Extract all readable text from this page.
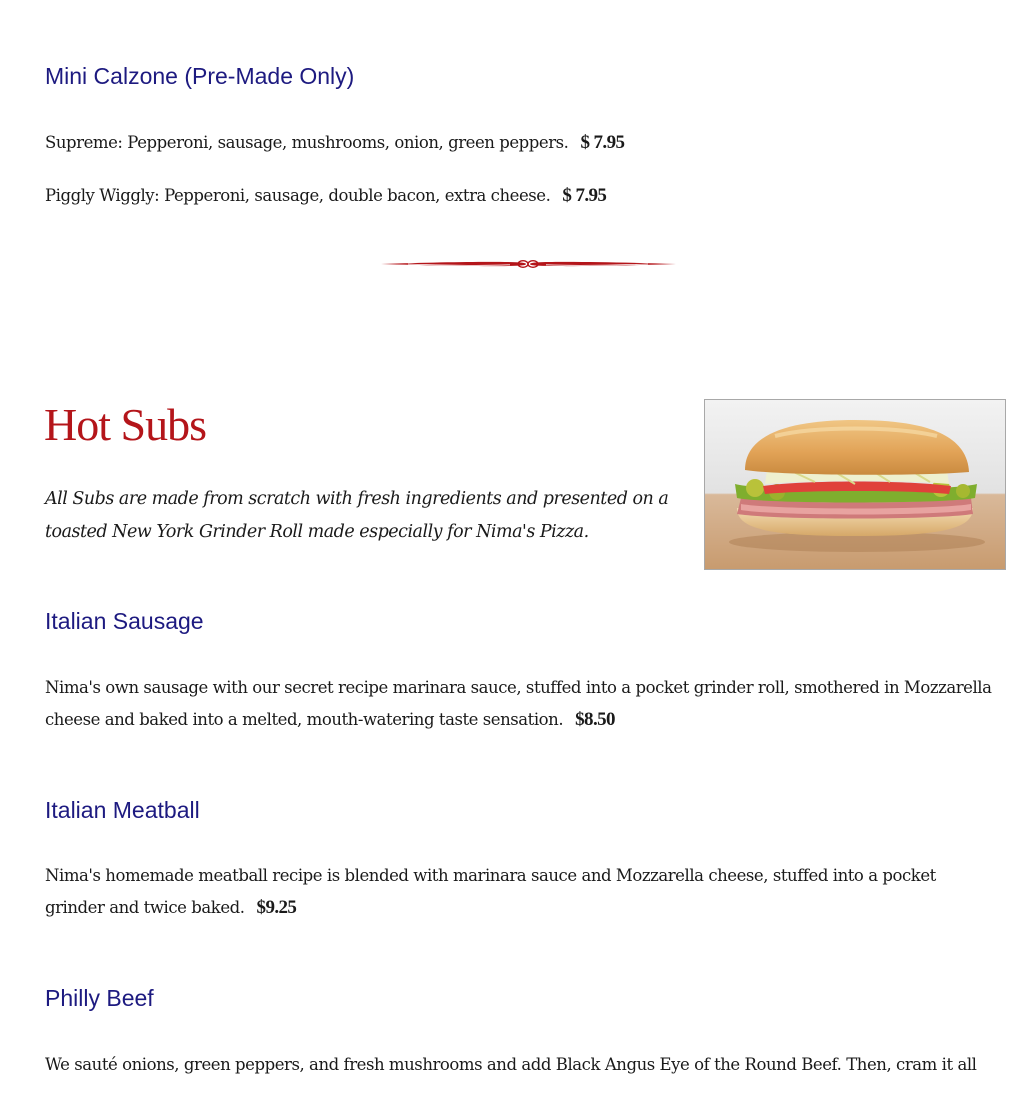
Mini Calzone (Pre-Made Only)

Supreme: Pepperoni, sausage, mushrooms, onion, green peppers. $ 7.95

Piggly Wiggly: Pepperoni, sausage, double bacon, extra cheese. $ 7.95

Hot Subs

All Subs are made from scratch with fresh ingredients and presented on a toasted New York Grinder Roll made especially for Nima's Pizza.

Italian Sausage

Nima's own sausage with our secret recipe marinara sauce, stuffed into a pocket grinder roll, smothered in Mozzarella cheese and baked into a melted, mouth-watering taste sensation. $8.50

Italian Meatball

Nima's homemade meatball recipe is blended with marinara sauce and Mozzarella cheese, stuffed into a pocket grinder and twice baked. $9.25

Philly Beef

We sauté onions, green peppers, and fresh mushrooms and add Black Angus Eye of the Round Beef. Then, cram it all
